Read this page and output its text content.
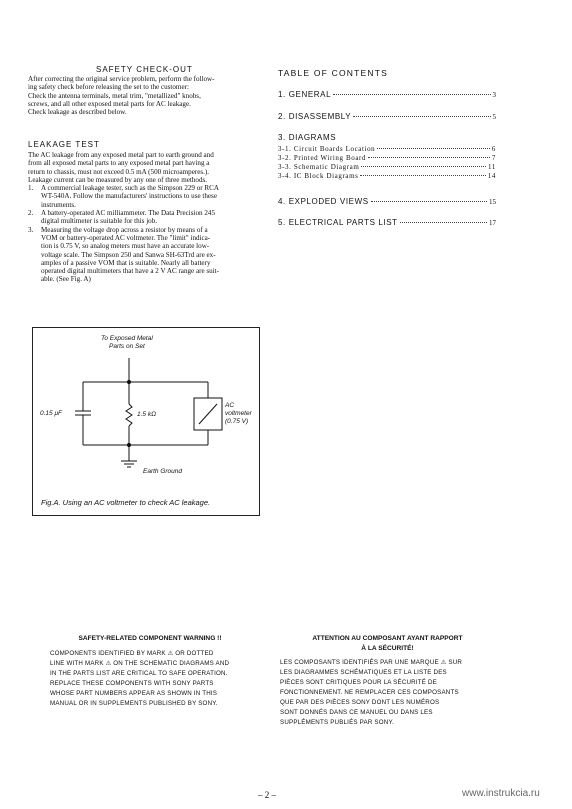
SAFETY CHECK-OUT
After correcting the original service problem, perform the follow-
ing safety check before releasing the set to the customer:
Check the antenna terminals, metal trim, "metallized" knobs,
screws, and all other exposed metal parts for AC leakage.
Check leakage as described below.
LEAKAGE TEST
The AC leakage from any exposed metal part to earth ground and
from all exposed metal parts to any exposed metal part having a
return to chassis, must not exceed 0.5 mA (500 microamperes.).
Leakage current can be measured by any one of three methods.
1. A commercial leakage tester, such as the Simpson 229 or RCA
WT-540A. Follow the manufacturers' instructions to use these
instruments.
2. A battery-operated AC milliammeter. The Data Precision 245
digital multimeter is suitable for this job.
3. Measuring the voltage drop across a resistor by means of a
VOM or battery-operated AC voltmeter. The "limit" indica-
tion is 0.75 V, so analog meters must have an accurate low-
voltage scale. The Simpson 250 and Sanwa SH-63Trd are ex-
amples of a passive VOM that is suitable. Nearly all battery
operated digital multimeters that have a 2 V AC range are suit-
able. (See Fig. A)
To Exposed Metal
Parts on Set
0.15 μF	1.5 kΩ
AC
voltmeter
(0.75 V)
Earth Ground
Fig.A. Using an AC voltmeter to check AC leakage.
TABLE OF CONTENTS
1. GENERAL	3
2. DISASSEMBLY	5
3. DIAGRAMS
3-1. Circuit Boards Location	6
3-2. Printed Wiring Board	7
3-3. Schematic Diagram	11
3-4. IC Block Diagrams	14
4. EXPLODED VIEWS	15
5. ELECTRICAL PARTS LIST	17
SAFETY-RELATED COMPONENT WARNING !!
COMPONENTS IDENTIFIED BY MARK ⚠ OR DOTTED
LINE WITH MARK ⚠ ON THE SCHEMATIC DIAGRAMS AND
IN THE PARTS LIST ARE CRITICAL TO SAFE OPERATION.
REPLACE THESE COMPONENTS WITH SONY PARTS
WHOSE PART NUMBERS APPEAR AS SHOWN IN THIS
MANUAL OR IN SUPPLEMENTS PUBLISHED BY SONY.
ATTENTION AU COMPOSANT AYANT RAPPORT
À LA SÉCURITÉ!
LES COMPOSANTS IDENTIFIÉS PAR UNE MARQUE ⚠ SUR
LES DIAGRAMMES SCHÉMATIQUES ET LA LISTE DES
PIÈCES SONT CRITIQUES POUR LA SÉCURITÉ DE
FONCTIONNEMENT. NE REMPLACER CES COMPOSANTS
QUE PAR DES PIÈCES SONY DONT LES NUMÉROS
SONT DONNÉS DANS CE MANUEL OU DANS LES
SUPPLÉMENTS PUBLIÉS PAR SONY.
– 2 –	www.instrukcia.ru
